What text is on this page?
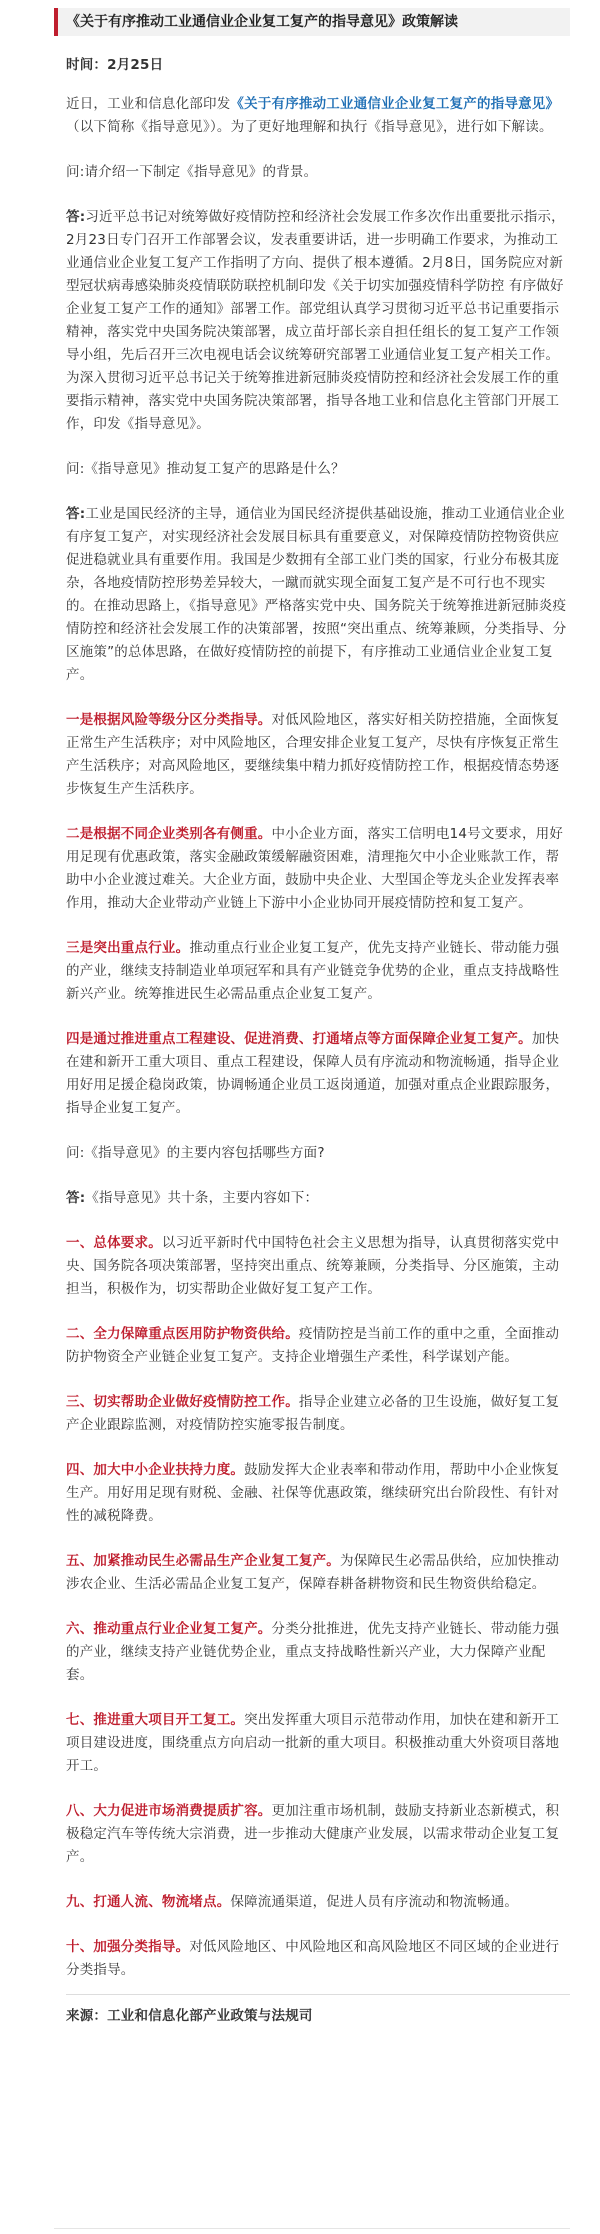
《关于有序推动工业通信业企业复工复产的指导意见》政策解读

时间：2月25日

近日，工业和信息化部印发《关于有序推动工业通信业企业复工复产的指导意见》（以下简称《指导意见》）。为了更好地理解和执行《指导意见》，进行如下解读。

问:请介绍一下制定《指导意见》的背景。

答:习近平总书记对统筹做好疫情防控和经济社会发展工作多次作出重要批示指示，2月23日专门召开工作部署会议，发表重要讲话，进一步明确工作要求，为推动工业通信业企业复工复产工作指明了方向、提供了根本遵循。2月8日，国务院应对新型冠状病毒感染肺炎疫情联防联控机制印发《关于切实加强疫情科学防控 有序做好企业复工复产工作的通知》部署工作。部党组认真学习贯彻习近平总书记重要指示精神，落实党中央国务院决策部署，成立苗圩部长亲自担任组长的复工复产工作领导小组，先后召开三次电视电话会议统筹研究部署工业通信业复工复产相关工作。为深入贯彻习近平总书记关于统筹推进新冠肺炎疫情防控和经济社会发展工作的重要指示精神，落实党中央国务院决策部署，指导各地工业和信息化主管部门开展工作，印发《指导意见》。

问:《指导意见》推动复工复产的思路是什么？

答:工业是国民经济的主导，通信业为国民经济提供基础设施，推动工业通信业企业有序复工复产，对实现经济社会发展目标具有重要意义，对保障疫情防控物资供应促进稳就业具有重要作用。我国是少数拥有全部工业门类的国家，行业分布极其庞杂，各地疫情防控形势差异较大，一蹴而就实现全面复工复产是不可行也不现实的。在推动思路上，《指导意见》严格落实党中央、国务院关于统筹推进新冠肺炎疫情防控和经济社会发展工作的决策部署，按照“突出重点、统筹兼顾，分类指导、分区施策”的总体思路，在做好疫情防控的前提下，有序推动工业通信业企业复工复产。

一是根据风险等级分区分类指导。对低风险地区，落实好相关防控措施，全面恢复正常生产生活秩序；对中风险地区，合理安排企业复工复产，尽快有序恢复正常生产生活秩序；对高风险地区，要继续集中精力抓好疫情防控工作，根据疫情态势逐步恢复生产生活秩序。

二是根据不同企业类别各有侧重。中小企业方面，落实工信明电14号文要求，用好用足现有优惠政策，落实金融政策缓解融资困难，清理拖欠中小企业账款工作，帮助中小企业渡过难关。大企业方面，鼓励中央企业、大型国企等龙头企业发挥表率作用，推动大企业带动产业链上下游中小企业协同开展疫情防控和复工复产。

三是突出重点行业。推动重点行业企业复工复产，优先支持产业链长、带动能力强的产业，继续支持制造业单项冠军和具有产业链竞争优势的企业，重点支持战略性新兴产业。统筹推进民生必需品重点企业复工复产。

四是通过推进重点工程建设、促进消费、打通堵点等方面保障企业复工复产。加快在建和新开工重大项目、重点工程建设，保障人员有序流动和物流畅通，指导企业用好用足援企稳岗政策，协调畅通企业员工返岗通道，加强对重点企业跟踪服务，指导企业复工复产。

问:《指导意见》的主要内容包括哪些方面?

答:《指导意见》共十条，主要内容如下：

一、总体要求。以习近平新时代中国特色社会主义思想为指导，认真贯彻落实党中央、国务院各项决策部署，坚持突出重点、统筹兼顾，分类指导、分区施策，主动担当，积极作为，切实帮助企业做好复工复产工作。

二、全力保障重点医用防护物资供给。疫情防控是当前工作的重中之重，全面推动防护物资全产业链企业复工复产。支持企业增强生产柔性，科学谋划产能。

三、切实帮助企业做好疫情防控工作。指导企业建立必备的卫生设施，做好复工复产企业跟踪监测，对疫情防控实施零报告制度。

四、加大中小企业扶持力度。鼓励发挥大企业表率和带动作用，帮助中小企业恢复生产。用好用足现有财税、金融、社保等优惠政策，继续研究出台阶段性、有针对性的减税降费。

五、加紧推动民生必需品生产企业复工复产。为保障民生必需品供给，应加快推动涉农企业、生活必需品企业复工复产，保障春耕备耕物资和民生物资供给稳定。

六、推动重点行业企业复工复产。分类分批推进，优先支持产业链长、带动能力强的产业，继续支持产业链优势企业，重点支持战略性新兴产业，大力保障产业配套。

七、推进重大项目开工复工。突出发挥重大项目示范带动作用，加快在建和新开工项目建设进度，围绕重点方向启动一批新的重大项目。积极推动重大外资项目落地开工。

八、大力促进市场消费提质扩容。更加注重市场机制，鼓励支持新业态新模式，积极稳定汽车等传统大宗消费，进一步推动大健康产业发展，以需求带动企业复工复产。

九、打通人流、物流堵点。保障流通渠道，促进人员有序流动和物流畅通。

十、加强分类指导。对低风险地区、中风险地区和高风险地区不同区域的企业进行分类指导。

来源：工业和信息化部产业政策与法规司
